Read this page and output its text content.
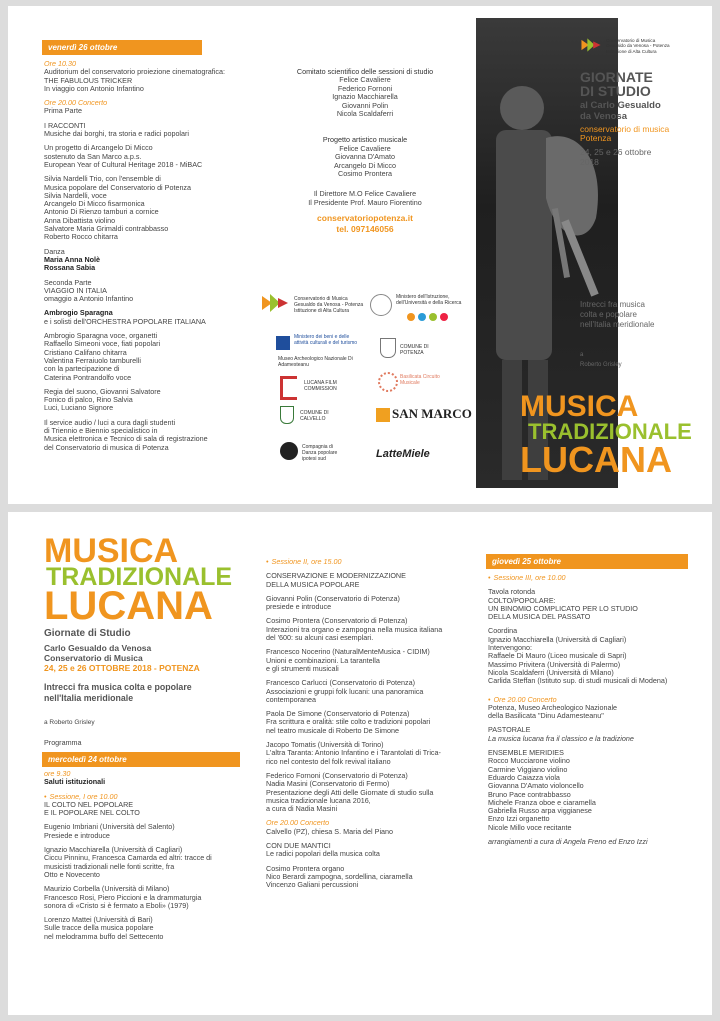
venerdì 26 ottobre
Ore 10.30
Auditorium del conservatorio proiezione cinematografica:
THE FABULOUS TRICKER
In viaggio con Antonio Infantino
Ore 20.00 Concerto
Prima Parte
I RACCONTI
Musiche dai borghi, tra storia e radici popolari
Un progetto di Arcangelo Di Micco
sostenuto da San Marco a.p.s.
European Year of Cultural Heritage 2018 - MiBAC
Silvia Nardelli Trio, con l'ensemble di
Musica popolare del Conservatorio di Potenza
Silvia Nardelli, voce
Arcangelo Di Micco fisarmonica
Antonio Di Rienzo tamburi a cornice
Anna Dibattista violino
Salvatore Maria Grimaldi contrabbasso
Roberto Rocco chitarra
Danza
Maria Anna Nolè
Rossana Sabia
Seconda Parte
VIAGGIO IN ITALIA
omaggio a Antonio Infantino
Ambrogio Sparagna
e i solisti dell'ORCHESTRA POPOLARE ITALIANA
Ambrogio Sparagna voce, organetti
Raffaello Simeoni voce, fiati popolari
Cristiano Califano chitarra
Valentina Ferraiuolo tamburelli
con la partecipazione di
Caterina Pontrandolfo voce
Regia del suono, Giovanni Salvatore
Fonico di palco, Rino Salvia
Luci, Luciano Signore
Il service audio / luci a cura dagli studenti
di Triennio e Biennio specialistico in
Musica elettronica e Tecnico di sala di registrazione
del Conservatorio di musica di Potenza
Comitato scientifico delle sessioni di studio
Felice Cavaliere
Federico Fornoni
Ignazio Macchiarella
Giovanni Polin
Nicola Scaldaferri
Progetto artistico musicale
Felice Cavaliere
Giovanna D'Amato
Arcangelo Di Micco
Cosimo Prontera
Il Direttore M.O Felice Cavaliere
Il Presidente Prof. Mauro Fiorentino
conservatoriopotenza.it
tel. 097146056
Conservatorio di Musica Gesualdo da Venosa - Potenza Istituzione di Alta Cultura
Ministero dell'Istruzione, dell'Università e della Ricerca
Ministero dei beni e delle attività culturali e del turismo
Museo Archeologico Nazionale Di Adamesteanu
COMUNE DI POTENZA
LUCANA FILM COMMISSION
Basilicata Circuito Musicale
COMUNE DI CALVELLO	SAN MARCO
Compagnia di Danza popolare ipotesi sud	LatteMiele
Conservatorio di Musica Gesualdo da Venosa - Potenza Istituzione di Alta Cultura
GIORNATE
DI STUDIO
al Carlo Gesualdo
da Venosa
conservatorio di musica
Potenza
24, 25 e 26 ottobre
2018
Intrecci fra musica
colta e popolare
nell'Italia meridionale
a
Roberto Grisley
MUSICA
TRADIZIONALE
LUCANA
MUSICA
TRADIZIONALE
LUCANA
Giornate di Studio
Carlo Gesualdo da Venosa
Conservatorio di Musica
24, 25 e 26 OTTOBRE 2018 - POTENZA
Intrecci fra musica colta e popolare
nell'Italia meridionale
a Roberto Grisley
Programma
mercoledì 24 ottobre
ore 9.30
Saluti istituzionali
• Sessione, I ore 10.00
IL COLTO NEL POPOLARE
E IL POPOLARE NEL COLTO
Eugenio Imbriani (Università del Salento)
Presiede e introduce
Ignazio Macchiarella (Università di Cagliari)
Ciccu Pinninu, Francesca Camarda ed altri: tracce di
musicisti tradizionali nelle fonti scritte, fra
Otto e Novecento
Maurizio Corbella (Università di Milano)
Francesco Rosi, Piero Piccioni e la drammaturgia
sonora di «Cristo si è fermato a Eboli» (1979)
Lorenzo Mattei (Università di Bari)
Sulle tracce della musica popolare
nel melodramma buffo del Settecento
• Sessione II, ore 15.00
CONSERVAZIONE E MODERNIZZAZIONE
DELLA MUSICA POPOLARE
Giovanni Polin (Conservatorio di Potenza)
presiede e introduce
Cosimo Prontera (Conservatorio di Potenza)
Interazioni tra organo e zampogna nella musica italiana
del '600: su alcuni casi esemplari.
Francesco Nocerino (NaturalMenteMusica - CIDIM)
Unioni e combinazioni. La tarantella
e gli strumenti musicali
Francesco Carlucci (Conservatorio di Potenza)
Associazioni e gruppi folk lucani: una panoramica
contemporanea
Paola De Simone (Conservatorio di Potenza)
Fra scrittura e oralità: stile colto e tradizioni popolari
nel teatro musicale di Roberto De Simone
Jacopo Tomatis (Università di Torino)
L'altra Taranta: Antonio Infantino e i Tarantolati di Trica-
rico nel contesto del folk revival italiano
Federico Fornoni (Conservatorio di Potenza)
Nadia Masini (Conservatorio di Fermo)
Presentazione degli Atti delle Giornate di studio sulla
musica tradizionale lucana 2016,
a cura di Nadia Masini
Ore 20.00 Concerto
Calvello (PZ), chiesa S. Maria del Piano
CON DUE MANTICI
Le radici popolari della musica colta
Cosimo Prontera organo
Nico Berardi zampogna, sordellina, ciaramella
Vincenzo Galiani percussioni
giovedì 25 ottobre
• Sessione III, ore 10.00
Tavola rotonda
COLTO/POPOLARE:
UN BINOMIO COMPLICATO PER LO STUDIO
DELLA MUSICA DEL PASSATO
Coordina
Ignazio Macchiarella (Università di Cagliari)
Intervengono:
Raffaele Di Mauro (Liceo musicale di Sapri)
Massimo Privitera (Università di Palermo)
Nicola Scaldaferri (Università di Milano)
Carlida Steffan (Istituto sup. di studi musicali di Modena)
• Ore 20.00 Concerto
Potenza, Museo Archeologico Nazionale
della Basilicata "Dinu Adamesteanu"
PASTORALE
La musica lucana fra il classico e la tradizione
ENSEMBLE MERIDIES
Rocco Mucciarone violino
Carmine Viggiano violino
Eduardo Caiazza viola
Giovanna D'Amato violoncello
Bruno Pace contrabbasso
Michele Franza oboe e ciaramella
Gabriella Russo arpa viggianese
Enzo Izzi organetto
Nicole Millo voce recitante
arrangiamenti a cura di Angela Freno ed Enzo Izzi
